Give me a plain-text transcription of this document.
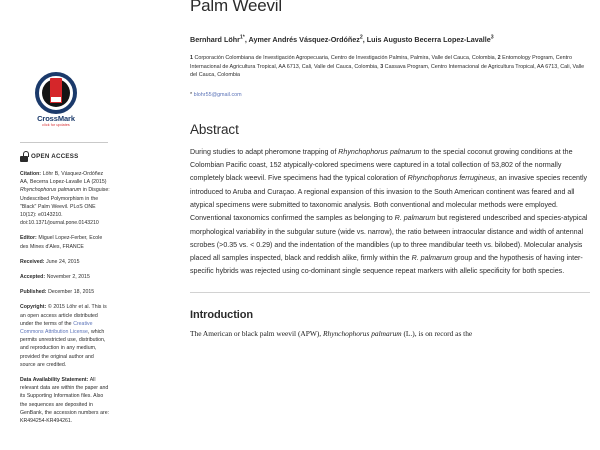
CrossMark
click for updates
OPEN ACCESS

Citation: Löhr B, Vásquez-Ordóñez AA, Becerra Lopez-Lavalle LA (2015) Rhynchophorus palmarum in Disguise: Undescribed Polymorphism in the "Black" Palm Weevil. PLoS ONE 10(12): e0143210. doi:10.1371/journal.pone.0143210

Editor: Miguel Lopez-Ferber, Ecole des Mines d'Ales, FRANCE

Received: June 24, 2015

Accepted: November 2, 2015

Published: December 18, 2015

Copyright: © 2015 Löhr et al. This is an open access article distributed under the terms of the Creative Commons Attribution License, which permits unrestricted use, distribution, and reproduction in any medium, provided the original author and source are credited.

Data Availability Statement: All relevant data are within the paper and its Supporting Information files. Also the sequences are deposited in GenBank, the accession numbers are: KR494254-KR494261.

Palm Weevil

Bernhard Löhr$^{1*}$, Aymer Andrés Vásquez-Ordóñez$^2$, Luis Augusto Becerra Lopez-Lavalle$^3$

1 Corporación Colombiana de Investigación Agropecuaria, Centro de Investigación Palmira, Palmira, Valle del Cauca, Colombia, 2 Entomology Program, Centro Internacional de Agricultura Tropical, AA 6713, Cali, Valle del Cauca, Colombia, 3 Cassava Program, Centro Internacional de Agricultura Tropical, AA 6713, Cali, Valle del Cauca, Colombia

* blohr55@gmail.com

Abstract

During studies to adapt pheromone trapping of Rhynchophorus palmarum to the special coconut growing conditions at the Colombian Pacific coast, 152 atypically-colored specimens were captured in a total collection of 53,802 of the normally completely black weevil. Five specimens had the typical coloration of Rhynchophorus ferrugineus, an invasive species recently introduced to Aruba and Curaçao. A regional expansion of this invasion to the South American continent was feared and all atypical specimens were submitted to taxonomic analysis. Both conventional and molecular methods were employed. Conventional taxonomics confirmed the samples as belonging to R. palmarum but registered undescribed and species-atypical morphological variability in the subgular suture (wide vs. narrow), the ratio between intraocular distance and width of antennal scrobes (>0.35 vs. < 0.29) and the indentation of the mandibles (up to three mandibular teeth vs. bilobed). Molecular analysis placed all samples inspected, black and reddish alike, firmly within the R. palmarum group and the hypothesis of having inter-specific hybrids was rejected using co-dominant single sequence repeat markers with allelic specificity for both species.

Introduction

The American or black palm weevil (APW), Rhynchophorus palmarum (L.), is on record as the
